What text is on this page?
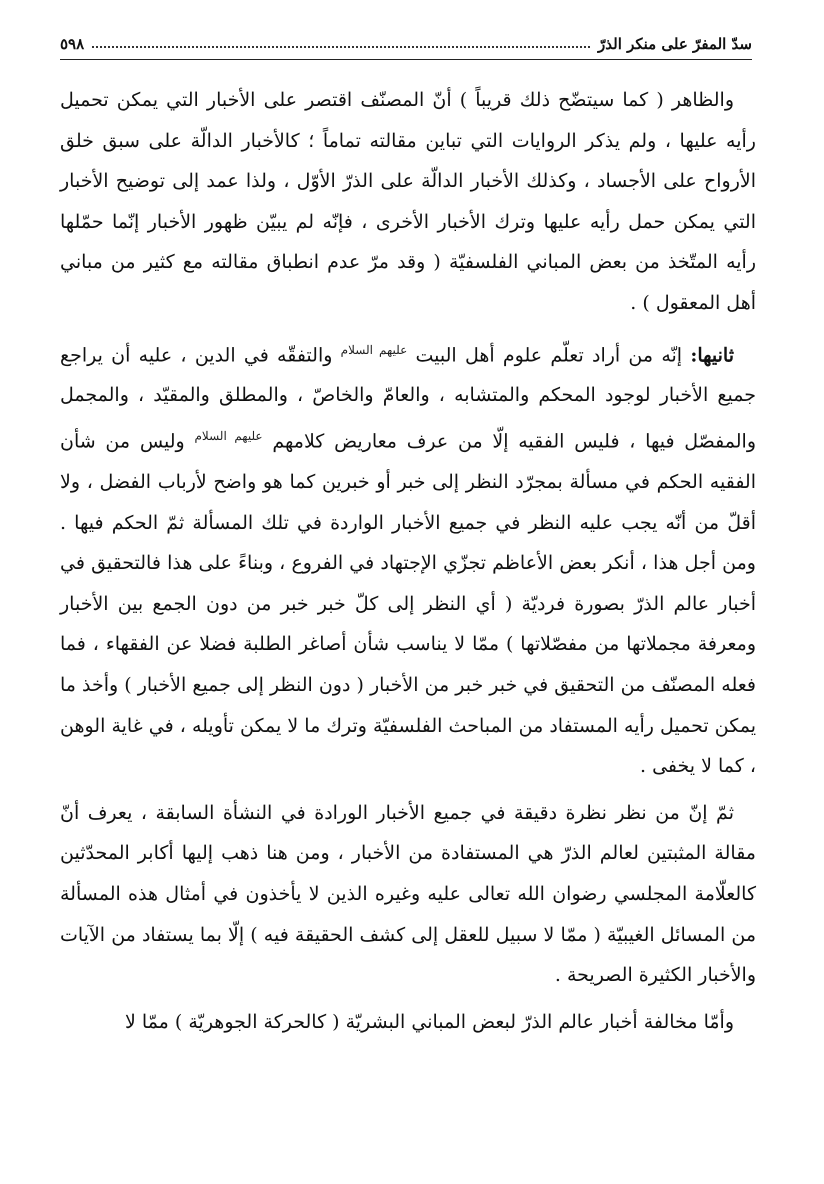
سدّ المفرّ على منكر الذرّ
٥٩٨

والظاهر ( كما سيتضّح ذلك قريباً ) أنّ المصنّف اقتصر على الأخبار التي يمكن تحميل رأيه عليها ، ولم يذكر الروايات التي تباين مقالته تماماً ؛ كالأخبار الدالّة على سبق خلق الأرواح على الأجساد ، وكذلك الأخبار الدالّة على الذرّ الأوّل ، ولذا عمد إلى توضيح الأخبار التي يمكن حمل رأيه عليها وترك الأخبار الأخرى ، فإنّه لم يبيّن ظهور الأخبار إنّما حمّلها رأيه المتّخذ من بعض المباني الفلسفيّة ( وقد مرّ عدم انطباق مقالته مع كثير من مباني أهل المعقول ) .

ثانيها: إنّه من أراد تعلّم علوم أهل البيت $^{عليهم السلام}$ والتفقّه في الدين ، عليه أن يراجع جميع الأخبار لوجود المحكم والمتشابه ، والعامّ والخاصّ ، والمطلق والمقيّد ، والمجمل والمفصّل فيها ، فليس الفقيه إلّا من عرف معاريض كلامهم $^{عليهم السلام}$ وليس من شأن الفقيه الحكم في مسألة بمجرّد النظر إلى خبر أو خبرين كما هو واضح لأرباب الفضل ، ولا أقلّ من أنّه يجب عليه النظر في جميع الأخبار الواردة في تلك المسألة ثمّ الحكم فيها . ومن أجل هذا ، أنكر بعض الأعاظم تجزّي الإجتهاد في الفروع ، وبناءً على هذا فالتحقيق في أخبار عالم الذرّ بصورة فرديّة ( أي النظر إلى كلّ خبر خبر من دون الجمع بين الأخبار ومعرفة مجملاتها من مفصّلاتها ) ممّا لا يناسب شأن أصاغر الطلبة فضلا عن الفقهاء ، فما فعله المصنّف من التحقيق في خبر خبر من الأخبار ( دون النظر إلى جميع الأخبار ) وأخذ ما يمكن تحميل رأيه المستفاد من المباحث الفلسفيّة وترك ما لا يمكن تأويله ، في غاية الوهن ، كما لا يخفى .

ثمّ إنّ من نظر نظرة دقيقة في جميع الأخبار الورادة في النشأة السابقة ، يعرف أنّ مقالة المثبتين لعالم الذرّ هي المستفادة من الأخبار ، ومن هنا ذهب إليها أكابر المحدّثين كالعلّامة المجلسي رضوان الله تعالى عليه وغيره الذين لا يأخذون في أمثال هذه المسألة من المسائل الغيبيّة ( ممّا لا سبيل للعقل إلى كشف الحقيقة فيه ) إلّا بما يستفاد من الآيات والأخبار الكثيرة الصريحة .

وأمّا مخالفة أخبار عالم الذرّ لبعض المباني البشريّة ( كالحركة الجوهريّة ) ممّا لا
